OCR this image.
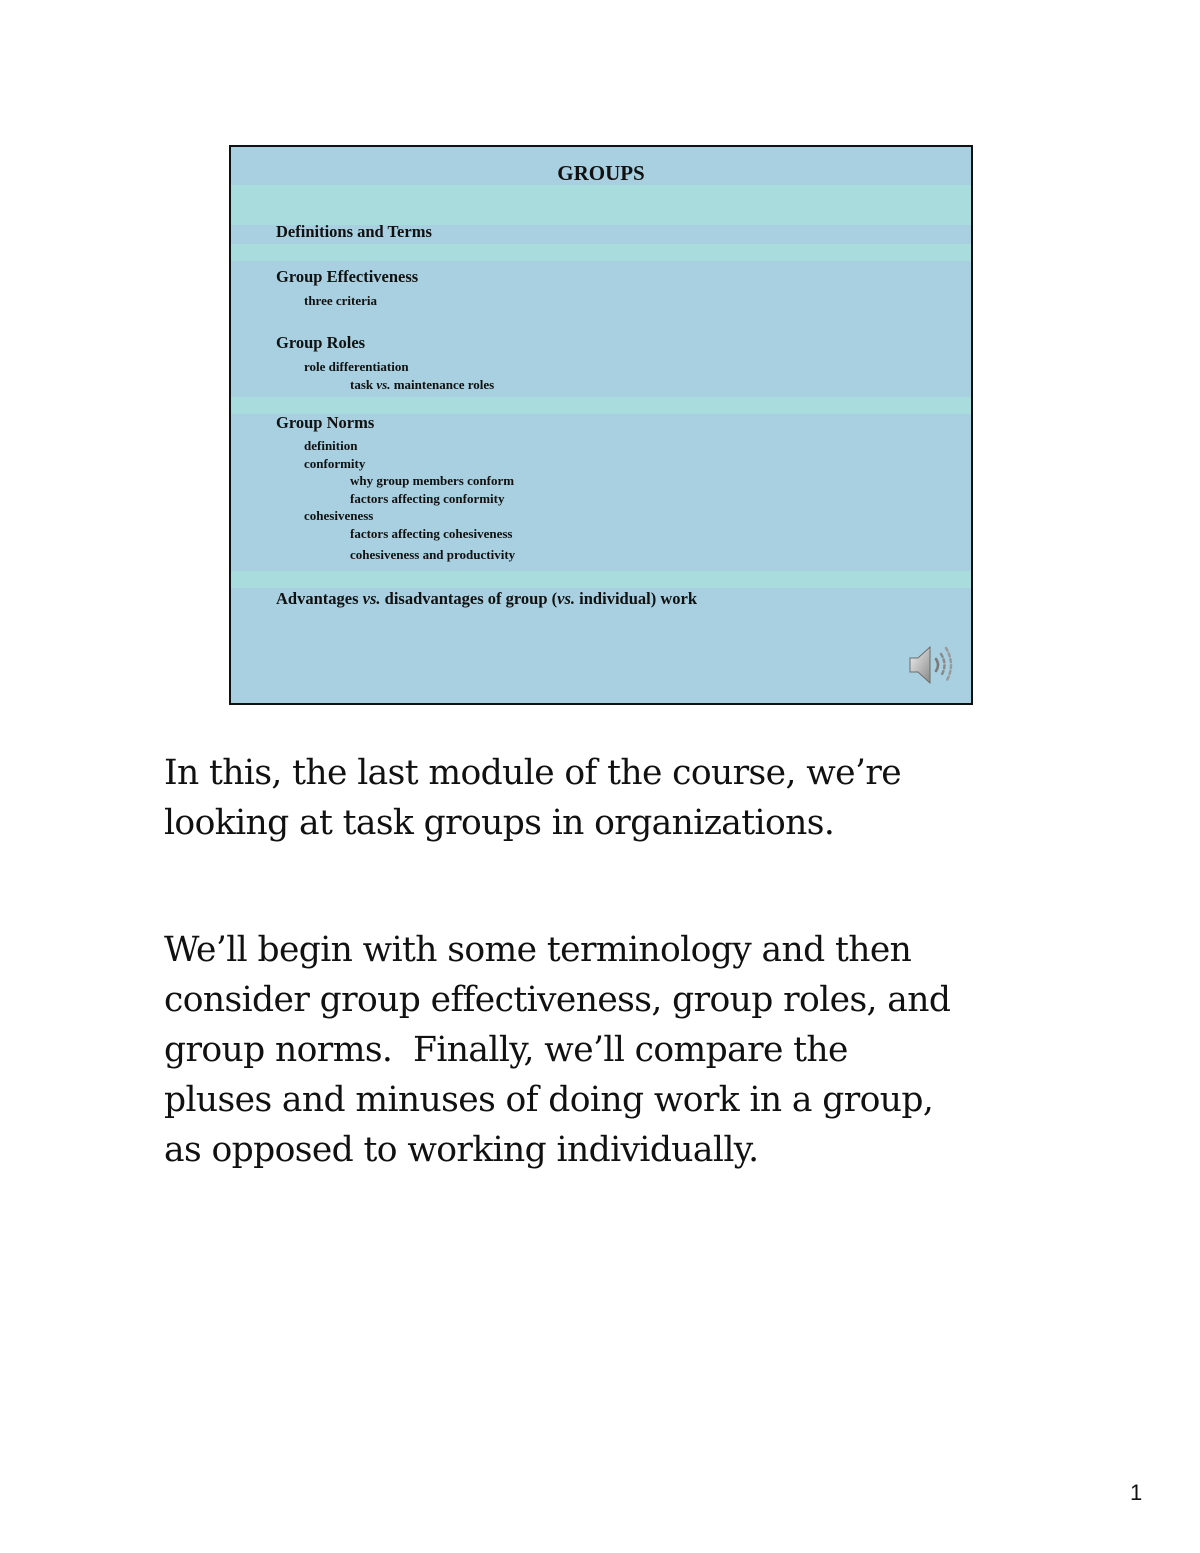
GROUPS
Definitions and Terms
Group Effectiveness
three criteria
Group Roles
role differentiation
task vs. maintenance roles
Group Norms
definition
conformity
why group members conform
factors affecting conformity
cohesiveness
factors affecting cohesiveness
cohesiveness and productivity
Advantages vs. disadvantages of group (vs. individual) work
In this, the last module of the course, we’re
looking at task groups in organizations.
We’ll begin with some terminology and then
consider group effectiveness, group roles, and
group norms.  Finally, we’ll compare the
pluses and minuses of doing work in a group,
as opposed to working individually.
1
